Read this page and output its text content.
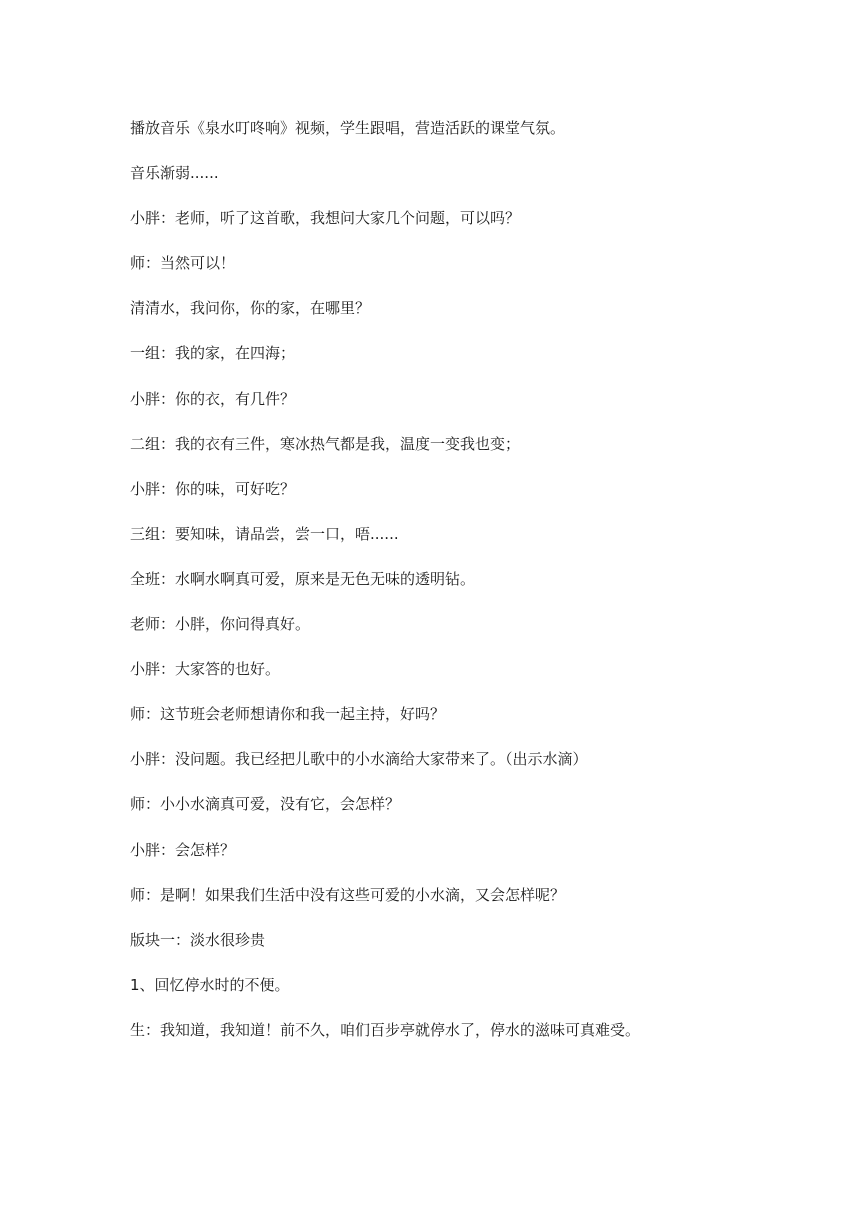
播放音乐《泉水叮咚响》视频，学生跟唱，营造活跃的课堂气氛。

音乐渐弱......

小胖：老师，听了这首歌，我想问大家几个问题，可以吗？

师：当然可以！

清清水，我问你，你的家，在哪里？

一组：我的家，在四海；

小胖：你的衣，有几件？

二组：我的衣有三件，寒冰热气都是我，温度一变我也变；

小胖：你的味，可好吃？

三组：要知味，请品尝，尝一口，唔......

全班：水啊水啊真可爱，原来是无色无味的透明钻。

老师：小胖，你问得真好。

小胖：大家答的也好。

师：这节班会老师想请你和我一起主持，好吗？

小胖：没问题。我已经把儿歌中的小水滴给大家带来了。（出示水滴）

师：小小水滴真可爱，没有它，会怎样？

小胖：会怎样？

师：是啊！如果我们生活中没有这些可爱的小水滴，又会怎样呢？

版块一：淡水很珍贵

1、回忆停水时的不便。

生：我知道，我知道！前不久，咱们百步亭就停水了，停水的滋味可真难受。
